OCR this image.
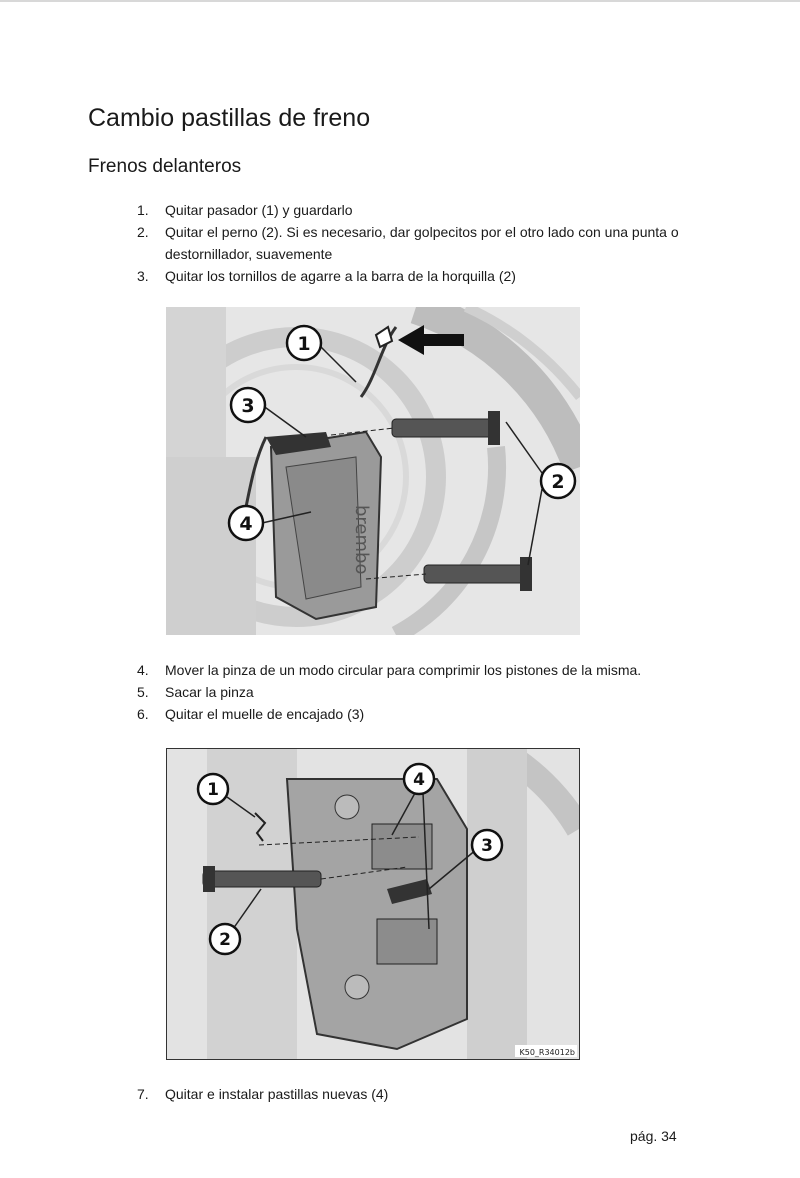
Cambio pastillas de freno
Frenos delanteros
1. Quitar pasador (1) y guardarlo
2. Quitar el perno (2). Si es necesario, dar golpecitos por el otro lado con una punta o destornillador, suavemente
3. Quitar los tornillos de agarre a la barra de la horquilla (2)
brembo
1
3
4
2
4. Mover la pinza de un modo circular para comprimir los pistones de la misma.
5. Sacar la pinza
6. Quitar el muelle de encajado (3)
1	4
3
2
K50_R34012b
7. Quitar e instalar pastillas nuevas (4)
pág. 34
